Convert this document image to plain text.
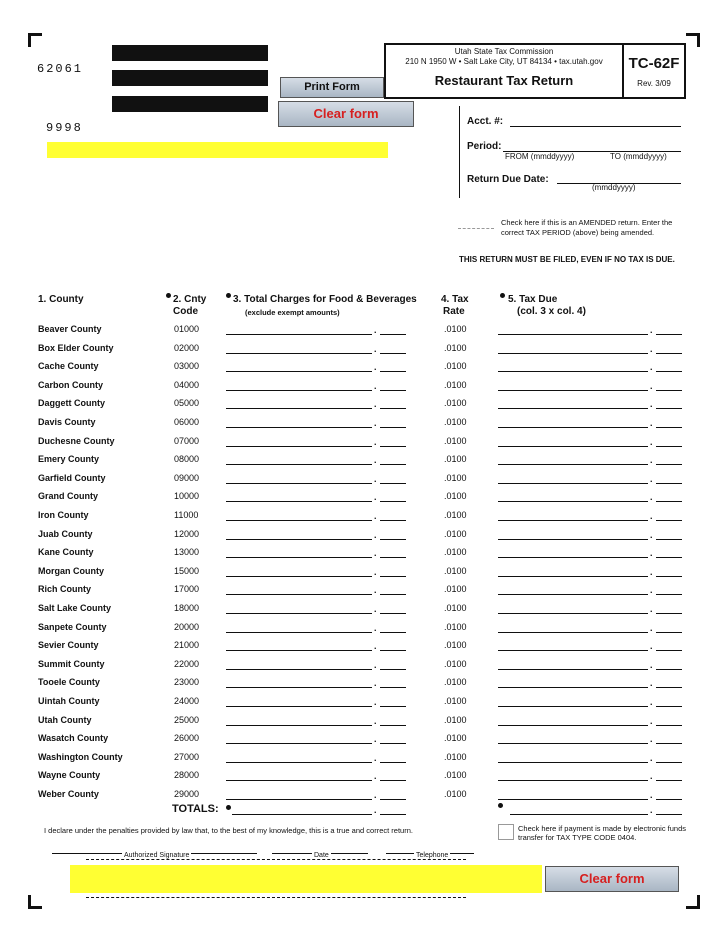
62061
9998
Print Form
Clear form
Utah State Tax Commission
210 N 1950 W • Salt Lake City, UT 84134 • tax.utah.gov
Restaurant Tax Return
TC-62F
Rev. 3/09
Acct. #:
Period:
FROM (mmddyyyy)	TO (mmddyyyy)
Return Due Date:
(mmddyyyy)
Check here if this is an AMENDED return. Enter the correct TAX PERIOD (above) being amended.
THIS RETURN MUST BE FILED, EVEN IF NO TAX IS DUE.
1. County	2. Cnty
Code
3. Total Charges for Food & Beverages
(exclude exempt amounts)
4. Tax
Rate
5. Tax Due
(col. 3 x col. 4)
Beaver County	01000	.	.0100	.
Box Elder County	02000	.	.0100	.
Cache County	03000	.	.0100	.
Carbon County	04000	.	.0100	.
Daggett County	05000	.	.0100	.
Davis County	06000	.	.0100	.
Duchesne County	07000	.	.0100	.
Emery County	08000	.	.0100	.
Garfield County	09000	.	.0100	.
Grand County	10000	.	.0100	.
Iron County	11000	.	.0100	.
Juab County	12000	.	.0100	.
Kane County	13000	.	.0100	.
Morgan County	15000	.	.0100	.
Rich County	17000	.	.0100	.
Salt Lake County	18000	.	.0100	.
Sanpete County	20000	.	.0100	.
Sevier County	21000	.	.0100	.
Summit County	22000	.	.0100	.
Tooele County	23000	.	.0100	.
Uintah County	24000	.	.0100	.
Utah County	25000	.	.0100	.
Wasatch County	26000	.	.0100	.
Washington County	27000	.	.0100	.
Wayne County	28000	.	.0100	.
Weber County	29000	.	.0100	.
TOTALS:	.	.
I declare under the penalties provided by law that, to the best of my knowledge, this is a true and correct return.	Check here if payment is made by electronic funds transfer for TAX TYPE CODE 0404.
Authorized Signature	Date	Telephone
Clear form
